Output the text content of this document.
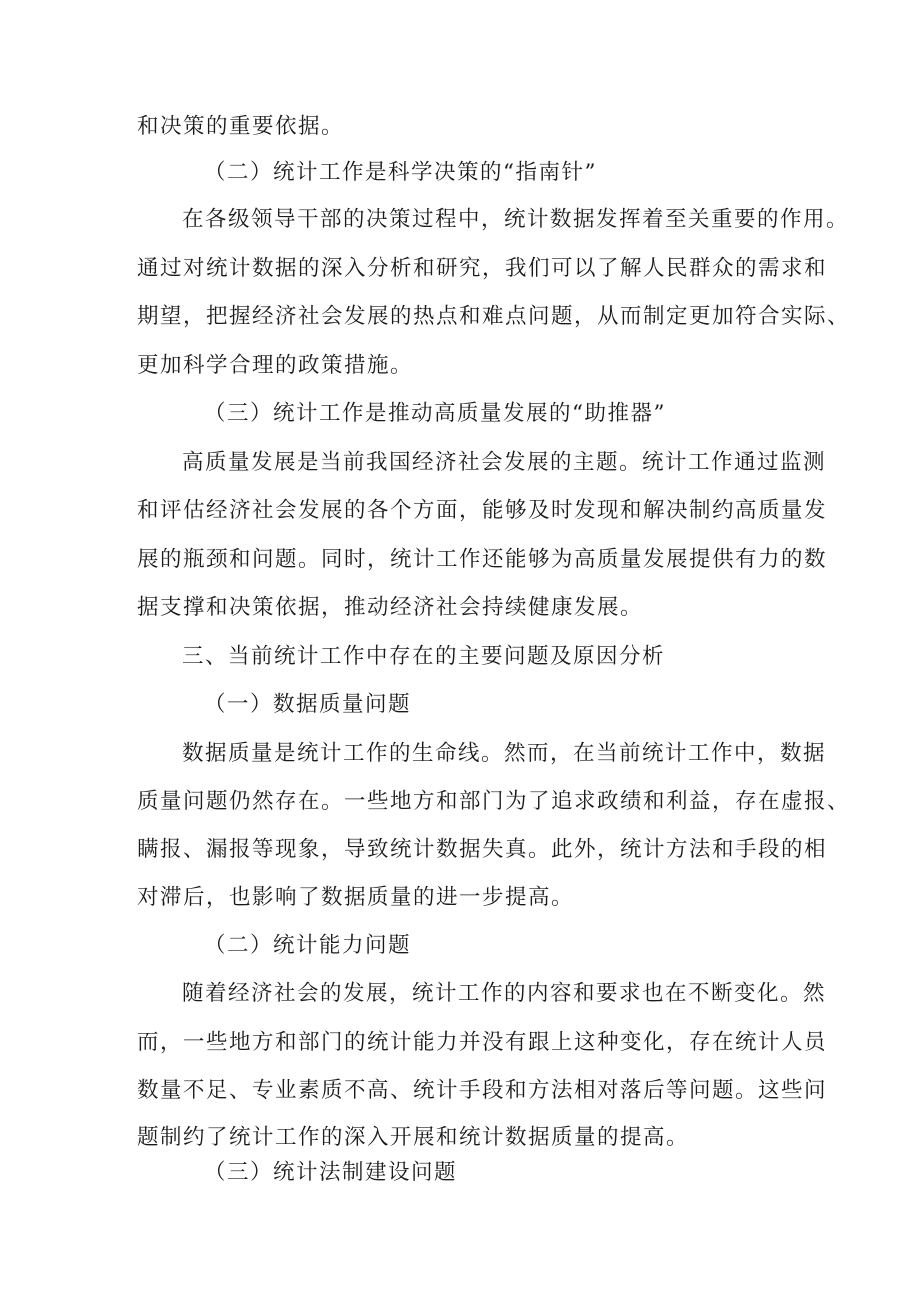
和决策的重要依据。
（二）统计工作是科学决策的“指南针”
在各级领导干部的决策过程中，统计数据发挥着至关重要的作用。
通过对统计数据的深入分析和研究，我们可以了解人民群众的需求和
期望，把握经济社会发展的热点和难点问题，从而制定更加符合实际、
更加科学合理的政策措施。
（三）统计工作是推动高质量发展的“助推器”
高质量发展是当前我国经济社会发展的主题。统计工作通过监测
和评估经济社会发展的各个方面，能够及时发现和解决制约高质量发
展的瓶颈和问题。同时，统计工作还能够为高质量发展提供有力的数
据支撑和决策依据，推动经济社会持续健康发展。
三、当前统计工作中存在的主要问题及原因分析
（一）数据质量问题
数据质量是统计工作的生命线。然而，在当前统计工作中，数据
质量问题仍然存在。一些地方和部门为了追求政绩和利益，存在虚报、
瞒报、漏报等现象，导致统计数据失真。此外，统计方法和手段的相
对滞后，也影响了数据质量的进一步提高。
（二）统计能力问题
随着经济社会的发展，统计工作的内容和要求也在不断变化。然
而，一些地方和部门的统计能力并没有跟上这种变化，存在统计人员
数量不足、专业素质不高、统计手段和方法相对落后等问题。这些问
题制约了统计工作的深入开展和统计数据质量的提高。
（三）统计法制建设问题
